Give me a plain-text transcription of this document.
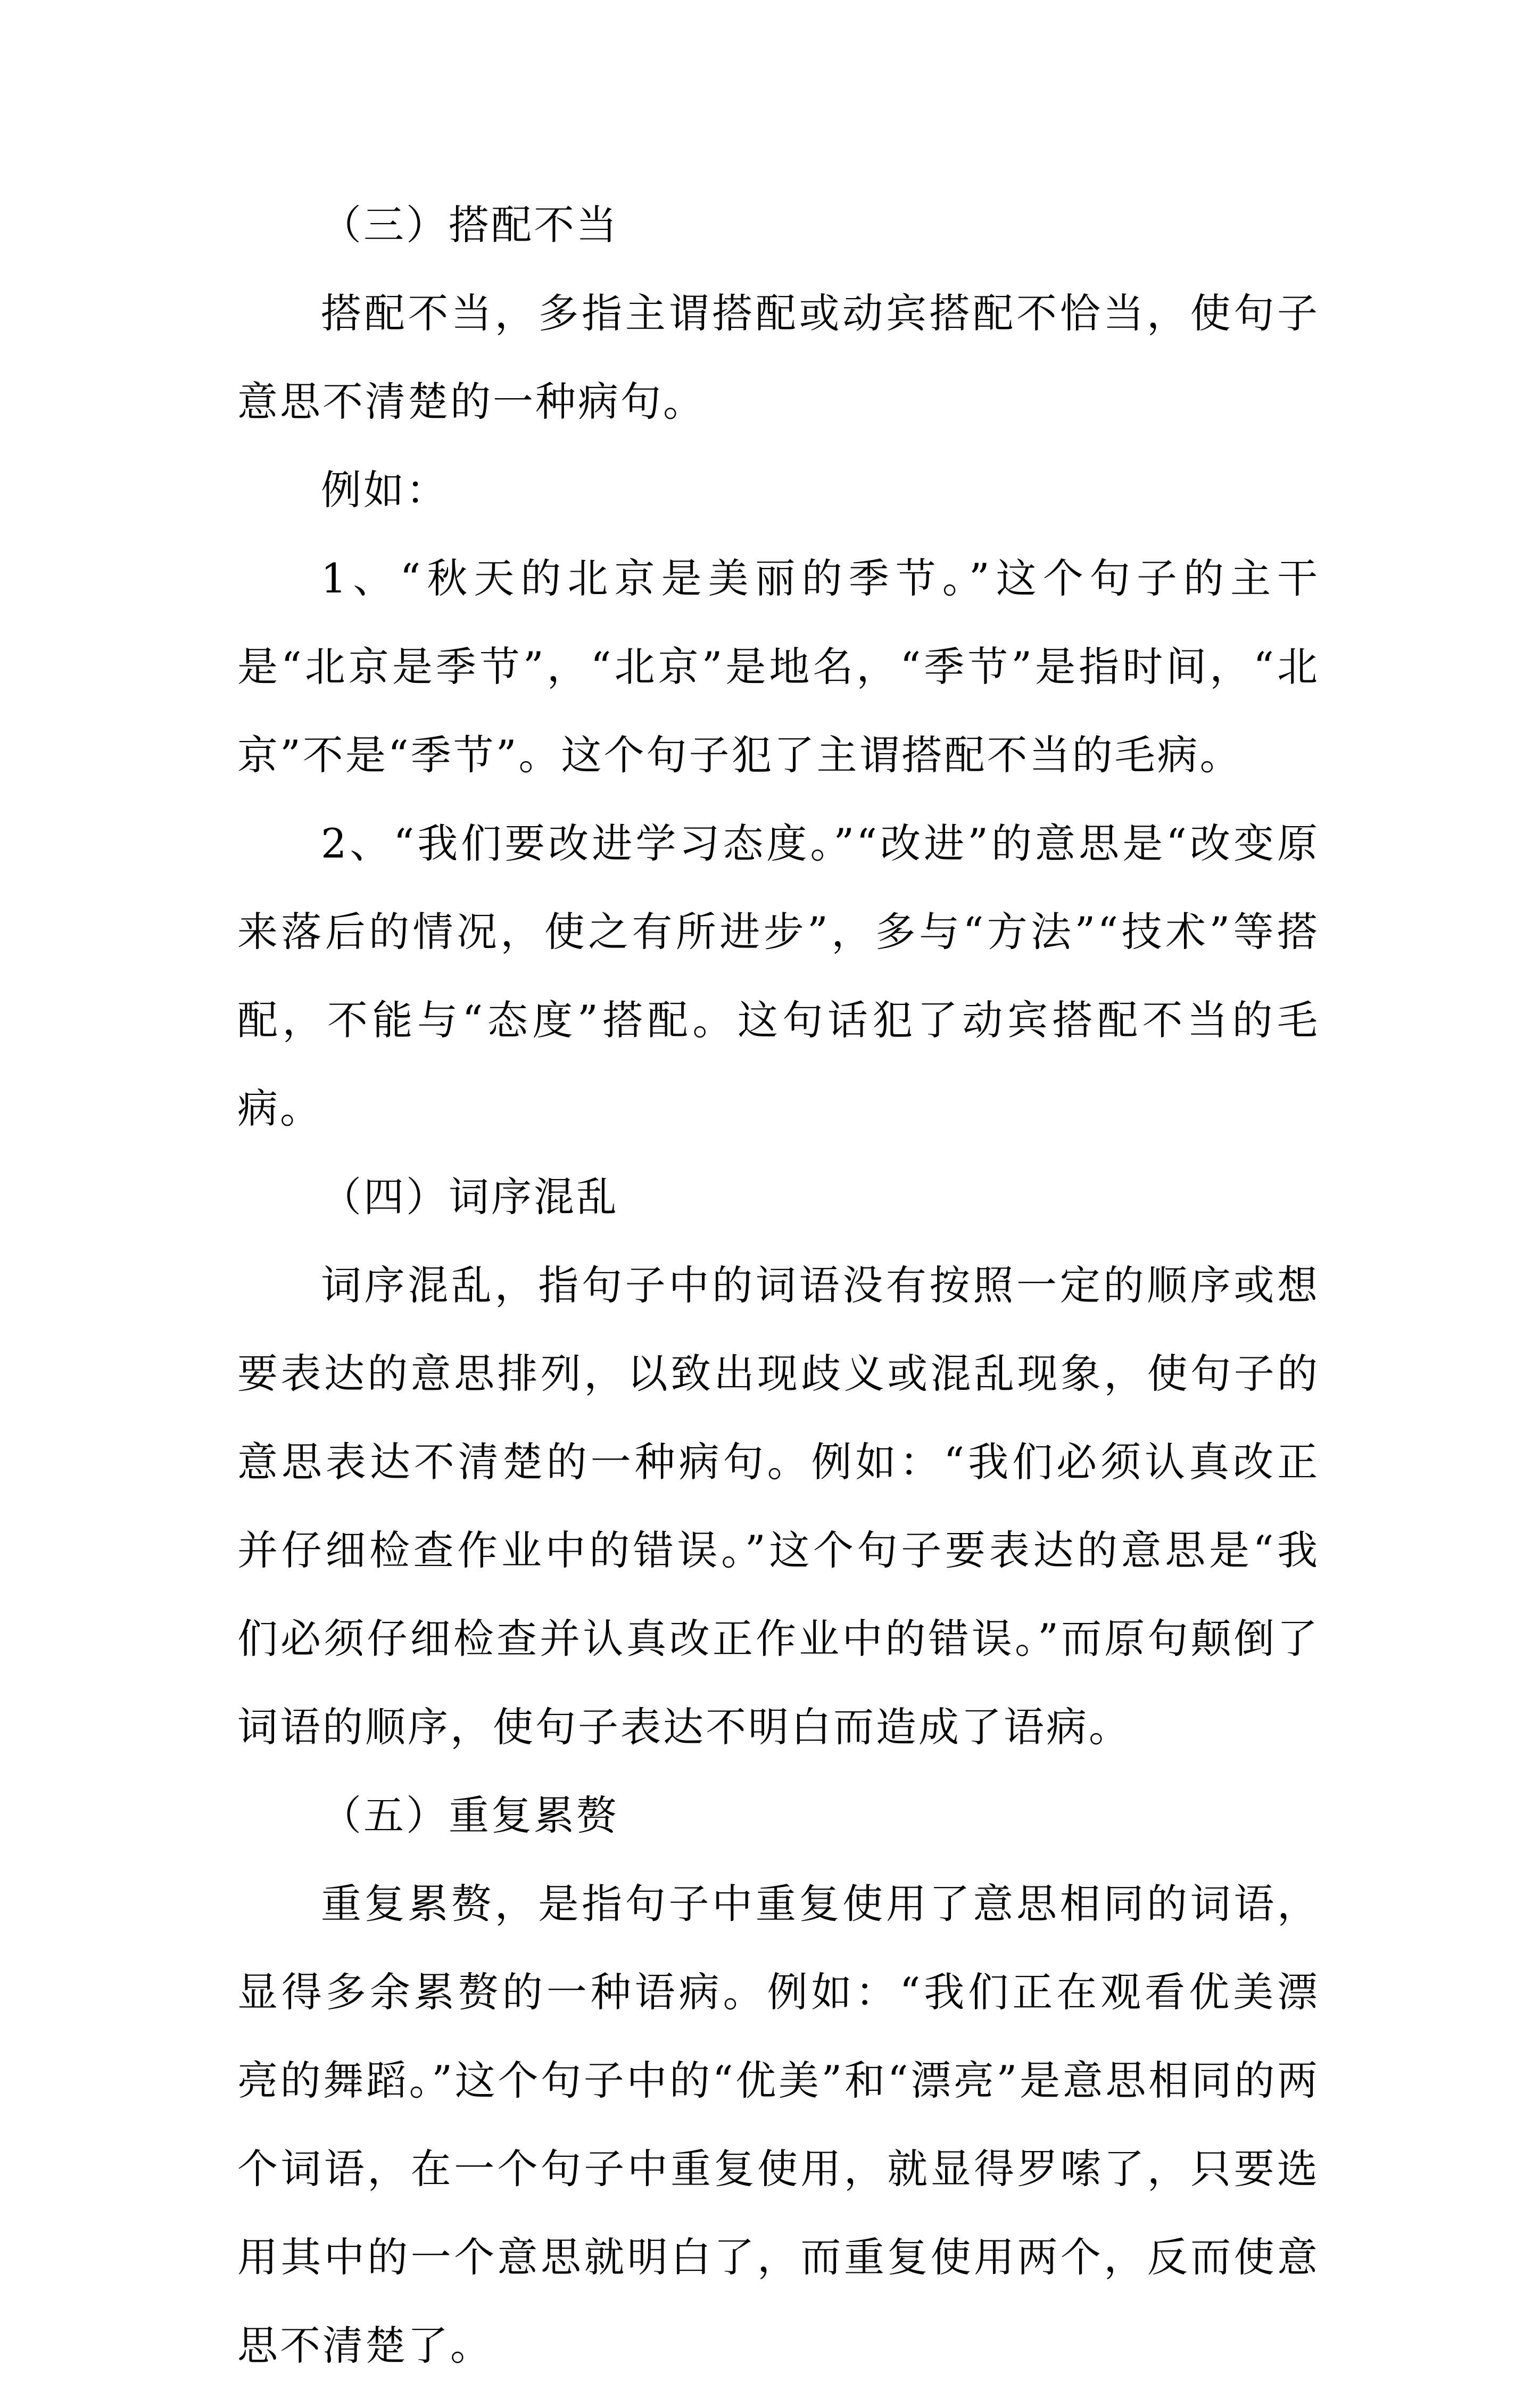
（三）搭配不当

搭配不当，多指主谓搭配或动宾搭配不恰当，使句子意思不清楚的一种病句。

例如：

1、“秋天的北京是美丽的季节。”这个句子的主干是“北京是季节”，“北京”是地名，“季节”是指时间，“北京”不是“季节”。这个句子犯了主谓搭配不当的毛病。

2、“我们要改进学习态度。”“改进”的意思是“改变原来落后的情况，使之有所进步”，多与“方法”“技术”等搭配，不能与“态度”搭配。这句话犯了动宾搭配不当的毛病。

（四）词序混乱

词序混乱，指句子中的词语没有按照一定的顺序或想要表达的意思排列，以致出现歧义或混乱现象，使句子的意思表达不清楚的一种病句。例如：“我们必须认真改正并仔细检查作业中的错误。”这个句子要表达的意思是“我们必须仔细检查并认真改正作业中的错误。”而原句颠倒了词语的顺序，使句子表达不明白而造成了语病。

（五）重复累赘

重复累赘，是指句子中重复使用了意思相同的词语，显得多余累赘的一种语病。例如：“我们正在观看优美漂亮的舞蹈。”这个句子中的“优美”和“漂亮”是意思相同的两个词语，在一个句子中重复使用，就显得罗嗦了，只要选用其中的一个意思就明白了，而重复使用两个，反而使意思不清楚了。
